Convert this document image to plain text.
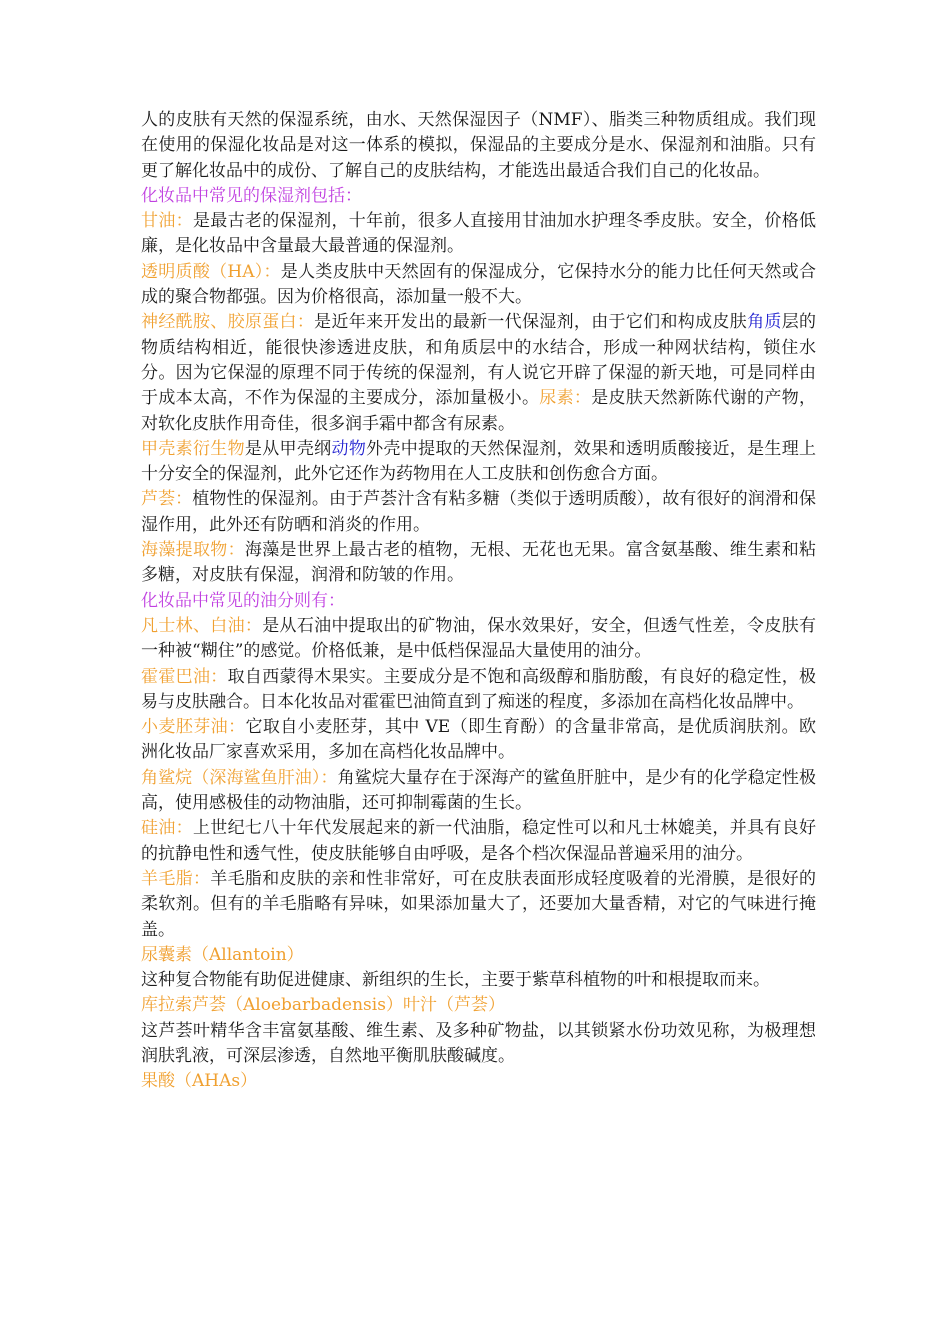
人的皮肤有天然的保湿系统，由水、天然保湿因子（NMF）、脂类三种物质组成。我们现在使用的保湿化妆品是对这一体系的模拟，保湿品的主要成分是水、保湿剂和油脂。只有更了解化妆品中的成份、了解自己的皮肤结构，才能选出最适合我们自己的化妆品。

化妆品中常见的保湿剂包括：

甘油：是最古老的保湿剂，十年前，很多人直接用甘油加水护理冬季皮肤。安全，价格低廉，是化妆品中含量最大最普通的保湿剂。

透明质酸（HA）：是人类皮肤中天然固有的保湿成分，它保持水分的能力比任何天然或合成的聚合物都强。因为价格很高，添加量一般不大。

神经酰胺、胶原蛋白：是近年来开发出的最新一代保湿剂，由于它们和构成皮肤角质层的物质结构相近，能很快渗透进皮肤，和角质层中的水结合，形成一种网状结构，锁住水分。因为它保湿的原理不同于传统的保湿剂，有人说它开辟了保湿的新天地，可是同样由于成本太高，不作为保湿的主要成分，添加量极小。尿素：是皮肤天然新陈代谢的产物，对软化皮肤作用奇佳，很多润手霜中都含有尿素。

甲壳素衍生物是从甲壳纲动物外壳中提取的天然保湿剂，效果和透明质酸接近，是生理上十分安全的保湿剂，此外它还作为药物用在人工皮肤和创伤愈合方面。

芦荟：植物性的保湿剂。由于芦荟汁含有粘多糖（类似于透明质酸），故有很好的润滑和保湿作用，此外还有防晒和消炎的作用。

海藻提取物：海藻是世界上最古老的植物，无根、无花也无果。富含氨基酸、维生素和粘多糖，对皮肤有保湿，润滑和防皱的作用。

化妆品中常见的油分则有：

凡士林、白油：是从石油中提取出的矿物油，保水效果好，安全，但透气性差，令皮肤有一种被“糊住”的感觉。价格低兼，是中低档保湿品大量使用的油分。

霍霍巴油：取自西蒙得木果实。主要成分是不饱和高级醇和脂肪酸，有良好的稳定性，极易与皮肤融合。日本化妆品对霍霍巴油简直到了痴迷的程度，多添加在高档化妆品牌中。

小麦胚芽油：它取自小麦胚芽，其中 VE（即生育酚）的含量非常高，是优质润肤剂。欧洲化妆品厂家喜欢采用，多加在高档化妆品牌中。

角鲨烷（深海鲨鱼肝油）：角鲨烷大量存在于深海产的鲨鱼肝脏中，是少有的化学稳定性极高，使用感极佳的动物油脂，还可抑制霉菌的生长。

硅油：上世纪七八十年代发展起来的新一代油脂，稳定性可以和凡士林媲美，并具有良好的抗静电性和透气性，使皮肤能够自由呼吸，是各个档次保湿品普遍采用的油分。

羊毛脂：羊毛脂和皮肤的亲和性非常好，可在皮肤表面形成轻度吸着的光滑膜，是很好的柔软剂。但有的羊毛脂略有异味，如果添加量大了，还要加大量香精，对它的气味进行掩盖。

尿囊素（Allantoin）

这种复合物能有助促进健康、新组织的生长，主要于紫草科植物的叶和根提取而来。

库拉索芦荟（Aloebarbadensis）叶汁（芦荟）

这芦荟叶精华含丰富氨基酸、维生素、及多种矿物盐，以其锁紧水份功效见称，为极理想润肤乳液，可深层渗透，自然地平衡肌肤酸碱度。

果酸（AHAs）
